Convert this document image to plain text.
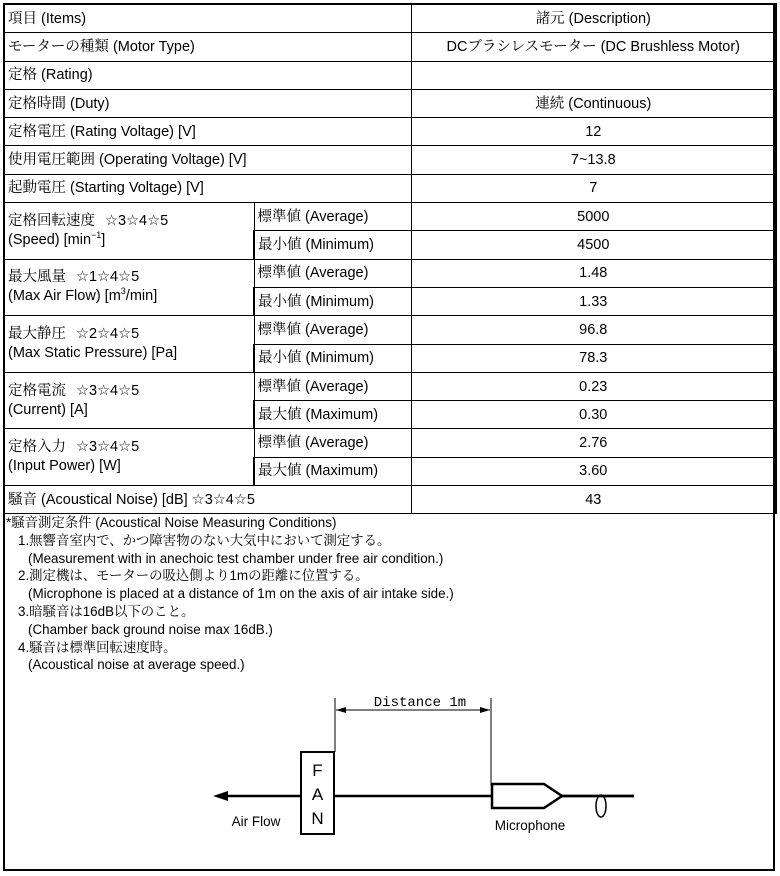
項目 (Items)		諸元 (Description)
モーターの種類 (Motor Type)		DCブラシレスモーター (DC Brushless Motor)
定格 (Rating)		
定格時間 (Duty)		連続 (Continuous)
定格電圧 (Rating Voltage) [V]		12
使用電圧範囲 (Operating Voltage) [V]		7~13.8
起動電圧 (Starting Voltage) [V]		7
定格回転速度 ☆3☆4☆5
(Speed) $[\min^{-1}]$	標準値 (Average)	5000
	最小値 (Minimum)	4500
最大風量 ☆1☆4☆5
(Max Air Flow) $[m^3/\min]$	標準値 (Average)	1.48
	最小値 (Minimum)	1.33
最大静圧 ☆2☆4☆5
(Max Static Pressure) [Pa]	標準値 (Average)	96.8
	最小値 (Minimum)	78.3
定格電流 ☆3☆4☆5
(Current) [A]	標準値 (Average)	0.23
	最大値 (Maximum)	0.30
定格入力 ☆3☆4☆5
(Input Power) [W]	標準値 (Average)	2.76
	最大値 (Maximum)	3.60
騒音 (Acoustical Noise) [dB] ☆3☆4☆5		43
*騒音測定条件 (Acoustical Noise Measuring Conditions)
1.無響音室内で、かつ障害物のない大気中において測定する。
(Measurement with in anechoic test chamber under free air condition.)
2.測定機は、モーターの吸込側より1mの距離に位置する。
(Microphone is placed at a distance of 1m on the axis of air intake side.)
3.暗騒音は16dB以下のこと。
(Chamber back ground noise max 16dB.)
4.騒音は標準回転速度時。
(Acoustical noise at average speed.)
Distance 1m
F
A
N
Air Flow	Microphone
